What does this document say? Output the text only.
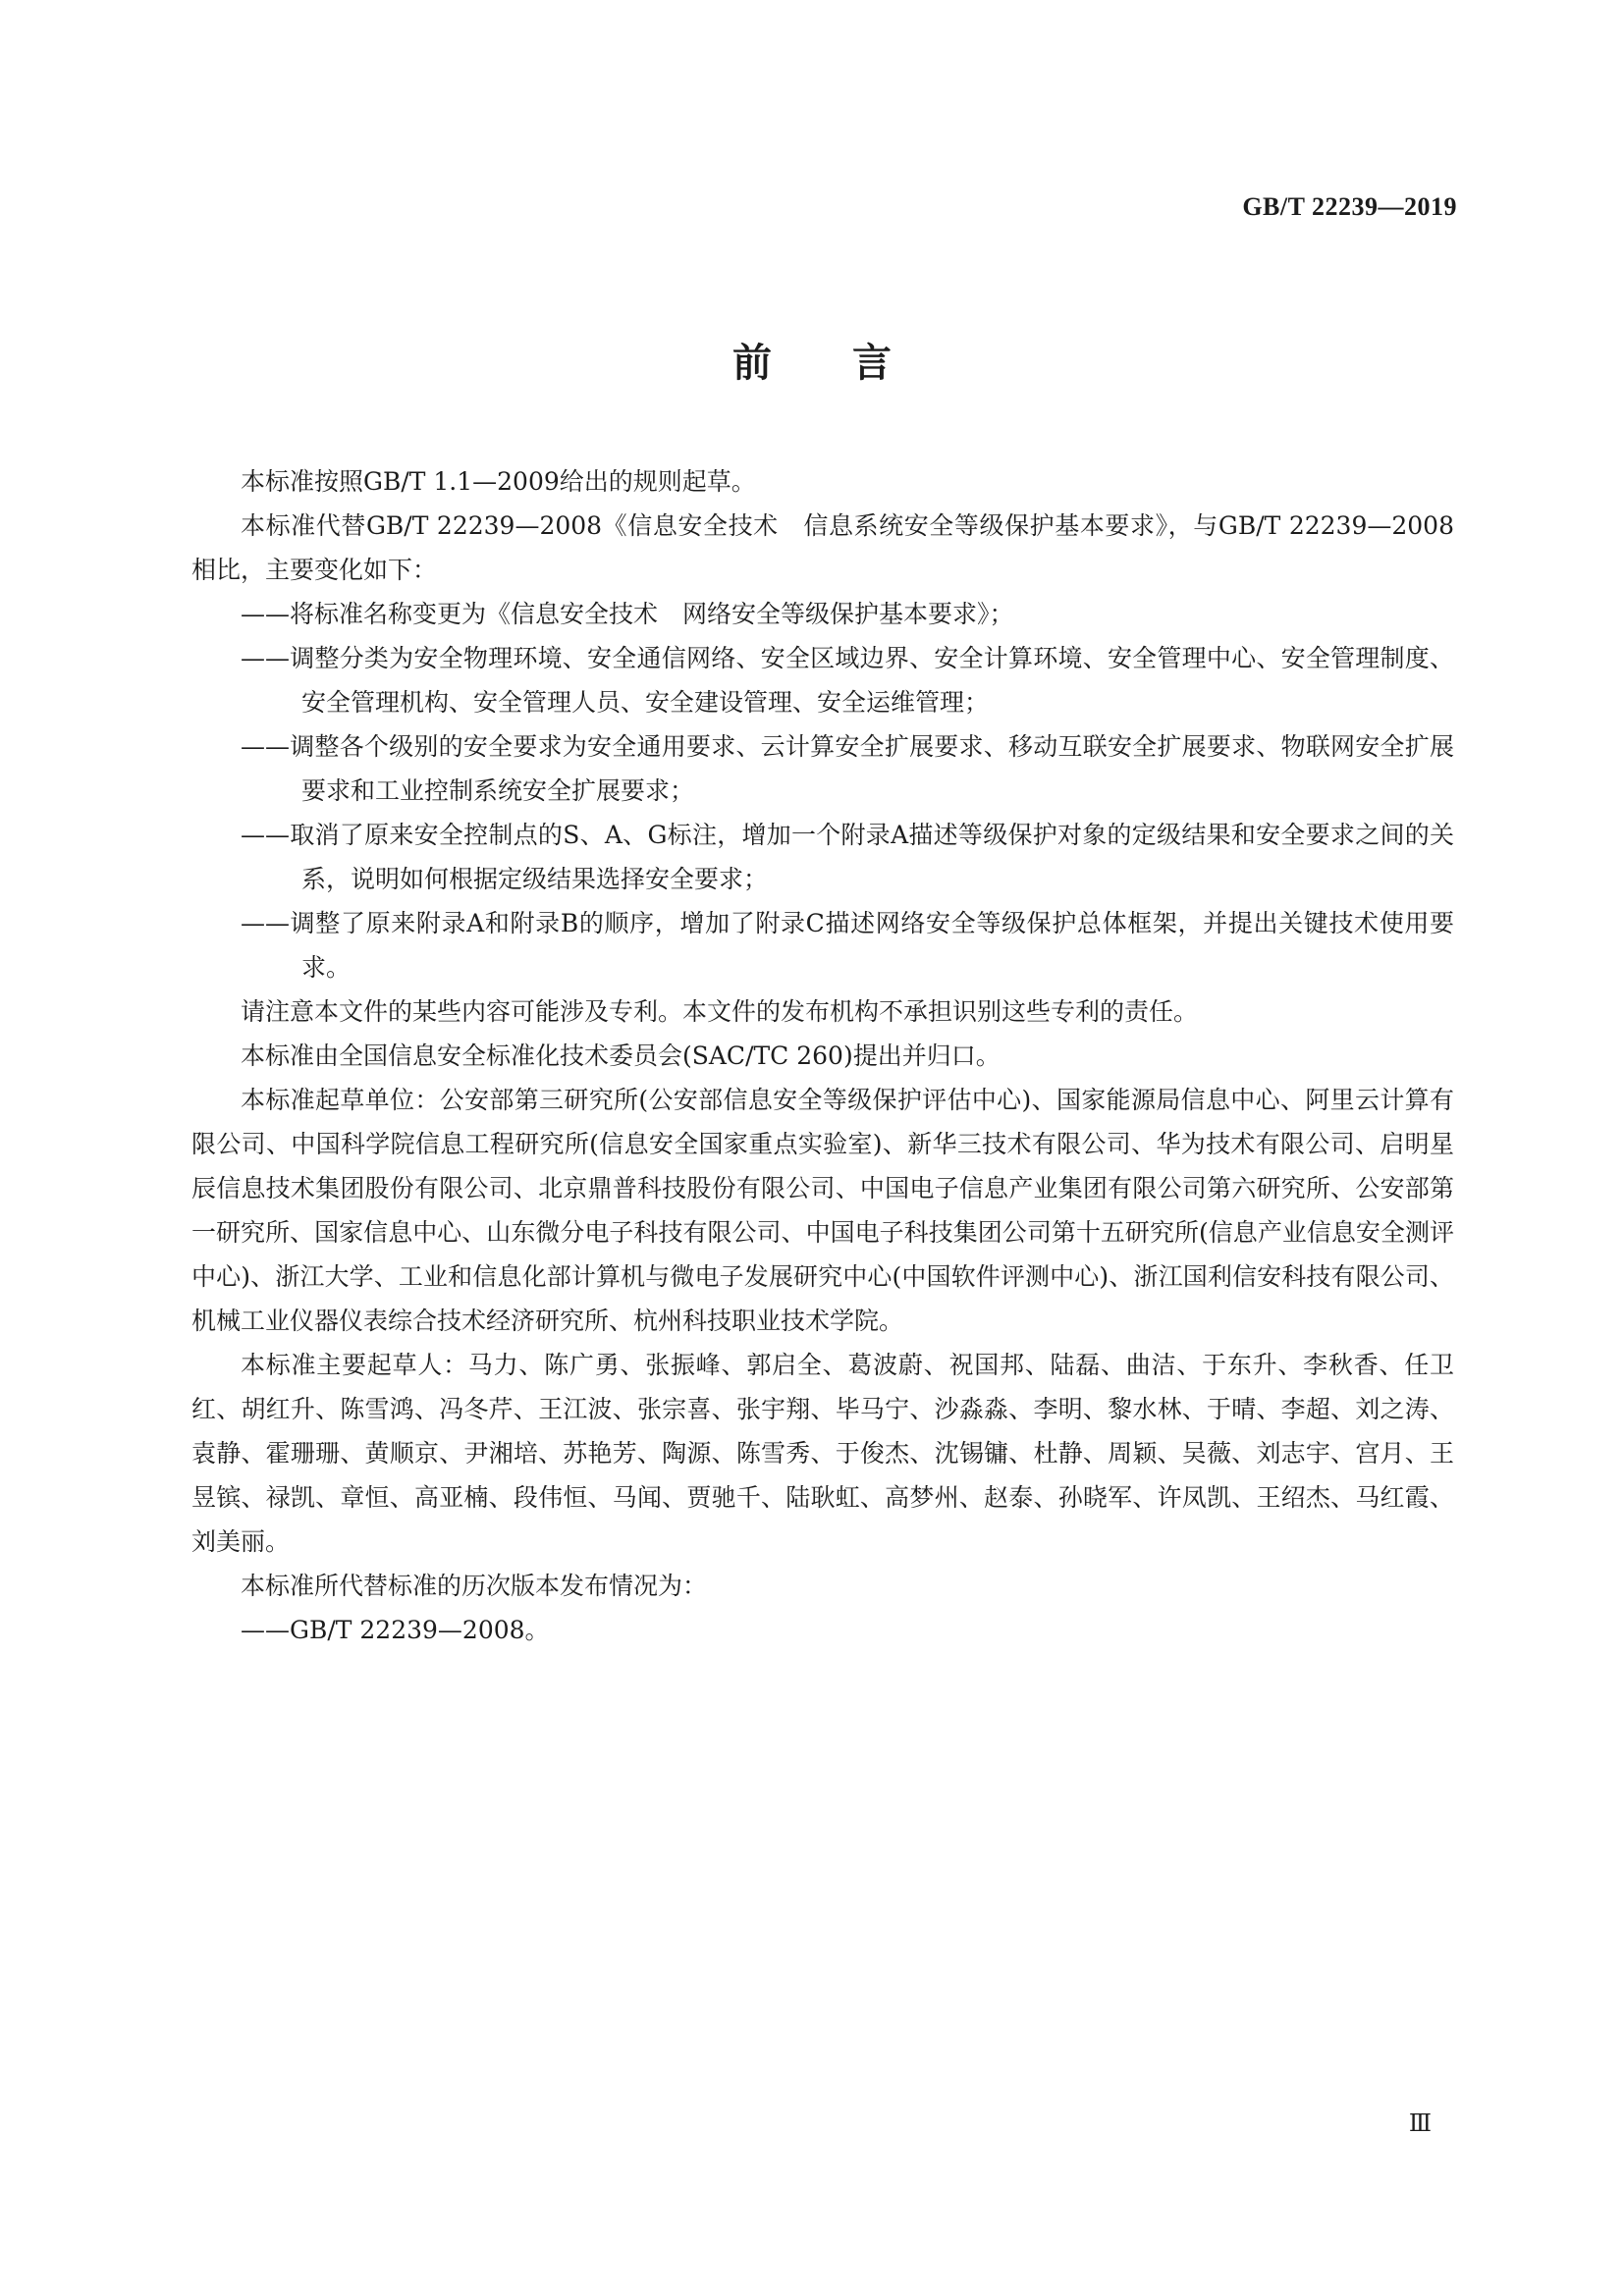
GB/T 22239—2019
前言

本标准按照GB/T 1.1—2009给出的规则起草。

本标准代替GB/T 22239—2008《信息安全技术　信息系统安全等级保护基本要求》，与GB/T 22239—2008相比，主要变化如下：

——将标准名称变更为《信息安全技术　网络安全等级保护基本要求》；

——调整分类为安全物理环境、安全通信网络、安全区域边界、安全计算环境、安全管理中心、安全管理制度、安全管理机构、安全管理人员、安全建设管理、安全运维管理；

——调整各个级别的安全要求为安全通用要求、云计算安全扩展要求、移动互联安全扩展要求、物联网安全扩展要求和工业控制系统安全扩展要求；

——取消了原来安全控制点的S、A、G标注，增加一个附录A描述等级保护对象的定级结果和安全要求之间的关系，说明如何根据定级结果选择安全要求；

——调整了原来附录A和附录B的顺序，增加了附录C描述网络安全等级保护总体框架，并提出关键技术使用要求。

请注意本文件的某些内容可能涉及专利。本文件的发布机构不承担识别这些专利的责任。

本标准由全国信息安全标准化技术委员会(SAC/TC 260)提出并归口。

本标准起草单位：公安部第三研究所(公安部信息安全等级保护评估中心)、国家能源局信息中心、阿里云计算有限公司、中国科学院信息工程研究所(信息安全国家重点实验室)、新华三技术有限公司、华为技术有限公司、启明星辰信息技术集团股份有限公司、北京鼎普科技股份有限公司、中国电子信息产业集团有限公司第六研究所、公安部第一研究所、国家信息中心、山东微分电子科技有限公司、中国电子科技集团公司第十五研究所(信息产业信息安全测评中心)、浙江大学、工业和信息化部计算机与微电子发展研究中心(中国软件评测中心)、浙江国利信安科技有限公司、机械工业仪器仪表综合技术经济研究所、杭州科技职业技术学院。

本标准主要起草人：马力、陈广勇、张振峰、郭启全、葛波蔚、祝国邦、陆磊、曲洁、于东升、李秋香、任卫红、胡红升、陈雪鸿、冯冬芹、王江波、张宗喜、张宇翔、毕马宁、沙淼淼、李明、黎水林、于晴、李超、刘之涛、袁静、霍珊珊、黄顺京、尹湘培、苏艳芳、陶源、陈雪秀、于俊杰、沈锡镛、杜静、周颖、吴薇、刘志宇、宫月、王昱镔、禄凯、章恒、高亚楠、段伟恒、马闻、贾驰千、陆耿虹、高梦州、赵泰、孙晓军、许凤凯、王绍杰、马红霞、刘美丽。

本标准所代替标准的历次版本发布情况为：

——GB/T 22239—2008。

Ⅲ
